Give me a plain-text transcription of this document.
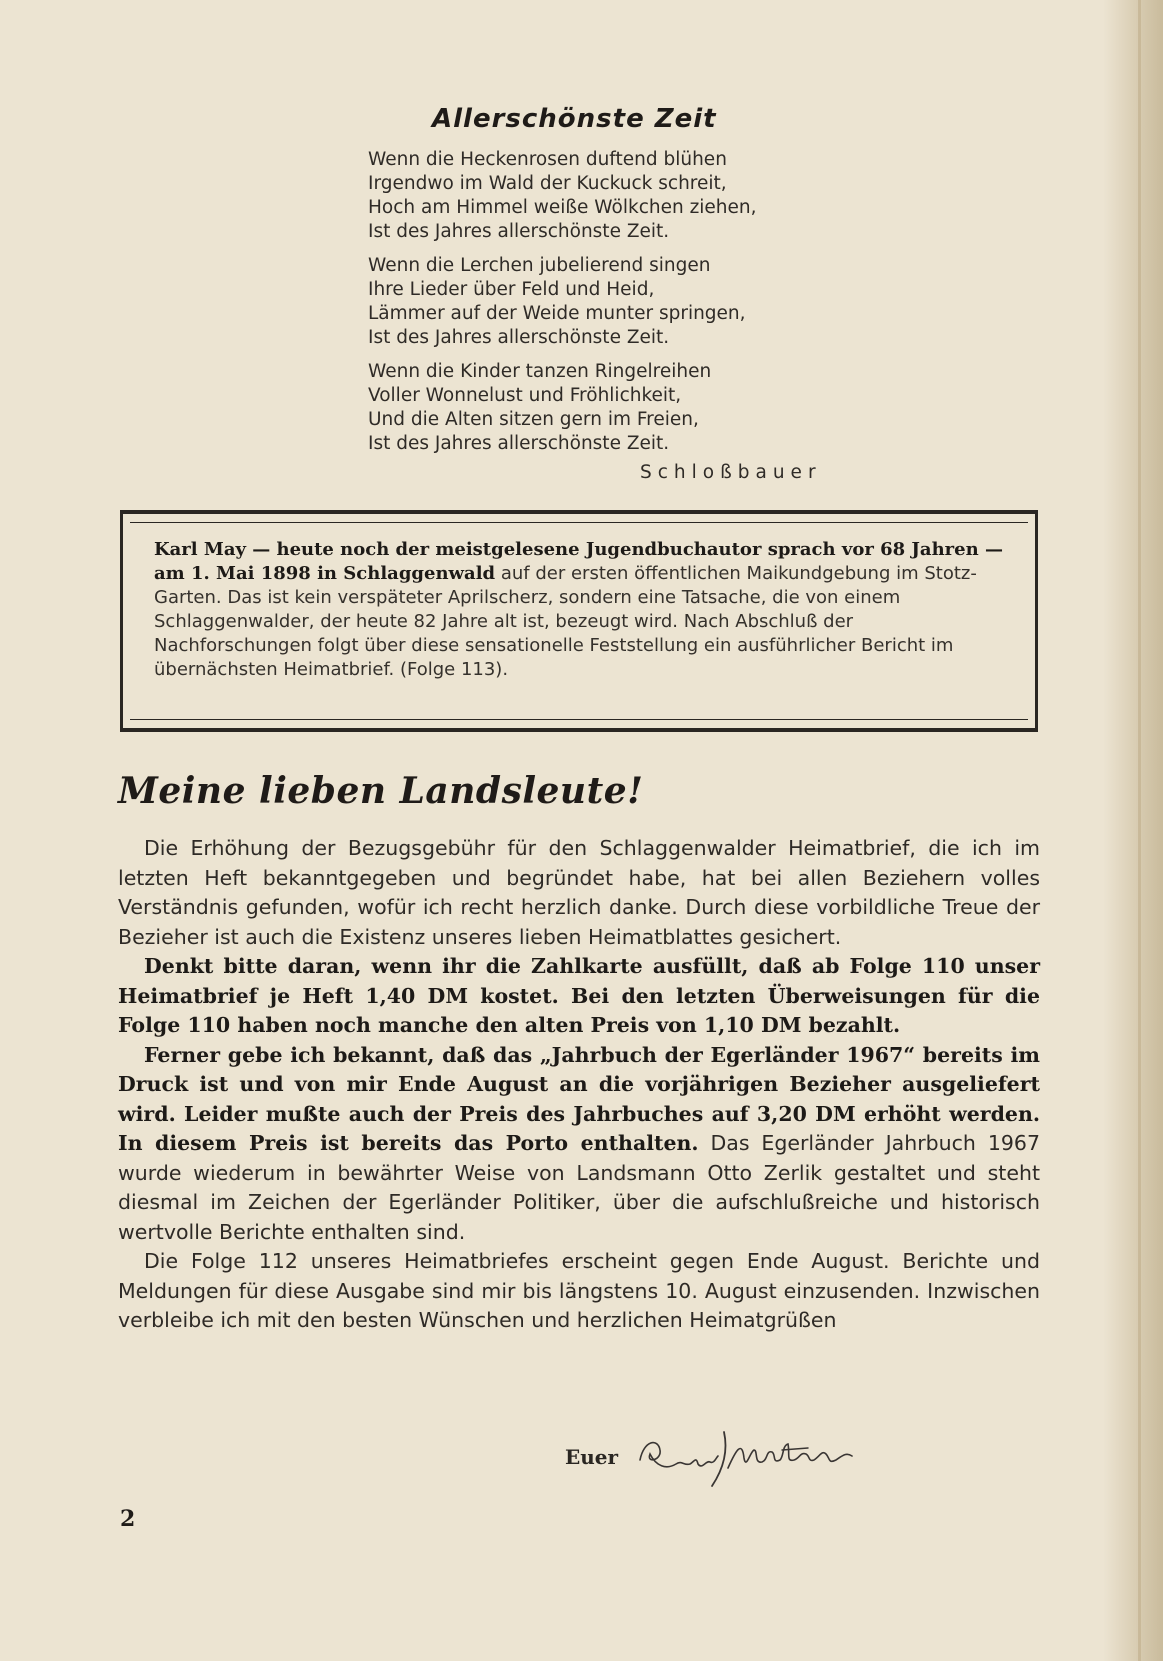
Allerschönste Zeit
Wenn die Heckenrosen duftend blühen
Irgendwo im Wald der Kuckuck schreit,
Hoch am Himmel weiße Wölkchen ziehen,
Ist des Jahres allerschönste Zeit.
Wenn die Lerchen jubelierend singen
Ihre Lieder über Feld und Heid,
Lämmer auf der Weide munter springen,
Ist des Jahres allerschönste Zeit.
Wenn die Kinder tanzen Ringelreihen
Voller Wonnelust und Fröhlichkeit,
Und die Alten sitzen gern im Freien,
Ist des Jahres allerschönste Zeit.
Schloßbauer

Karl May — heute noch der meistgelesene Jugendbuchautor sprach vor 68 Jahren — am 1. Mai 1898 in Schlaggenwald auf der ersten öffentlichen Maikundgebung im Stotz-Garten. Das ist kein verspäteter Aprilscherz, sondern eine Tatsache, die von einem Schlaggenwalder, der heute 82 Jahre alt ist, bezeugt wird. Nach Abschluß der Nachforschungen folgt über diese sensationelle Feststellung ein ausführlicher Bericht im übernächsten Heimatbrief. (Folge 113).

Meine lieben Landsleute!

Die Erhöhung der Bezugsgebühr für den Schlaggenwalder Heimatbrief, die ich im letzten Heft bekanntgegeben und begründet habe, hat bei allen Beziehern volles Verständnis gefunden, wofür ich recht herzlich danke. Durch diese vorbildliche Treue der Bezieher ist auch die Existenz unseres lieben Heimatblattes gesichert.

Denkt bitte daran, wenn ihr die Zahlkarte ausfüllt, daß ab Folge 110 unser Heimatbrief je Heft 1,40 DM kostet. Bei den letzten Überweisungen für die Folge 110 haben noch manche den alten Preis von 1,10 DM bezahlt.

Ferner gebe ich bekannt, daß das „Jahrbuch der Egerländer 1967“ bereits im Druck ist und von mir Ende August an die vorjährigen Bezieher ausgeliefert wird. Leider mußte auch der Preis des Jahrbuches auf 3,20 DM erhöht werden. In diesem Preis ist bereits das Porto enthalten. Das Egerländer Jahrbuch 1967 wurde wiederum in bewährter Weise von Landsmann Otto Zerlik gestaltet und steht diesmal im Zeichen der Egerländer Politiker, über die aufschlußreiche und historisch wertvolle Berichte enthalten sind.

Die Folge 112 unseres Heimatbriefes erscheint gegen Ende August. Berichte und Meldungen für diese Ausgabe sind mir bis längstens 10. August einzusenden. Inzwischen verbleibe ich mit den besten Wünschen und herzlichen Heimatgrüßen

Euer
2
